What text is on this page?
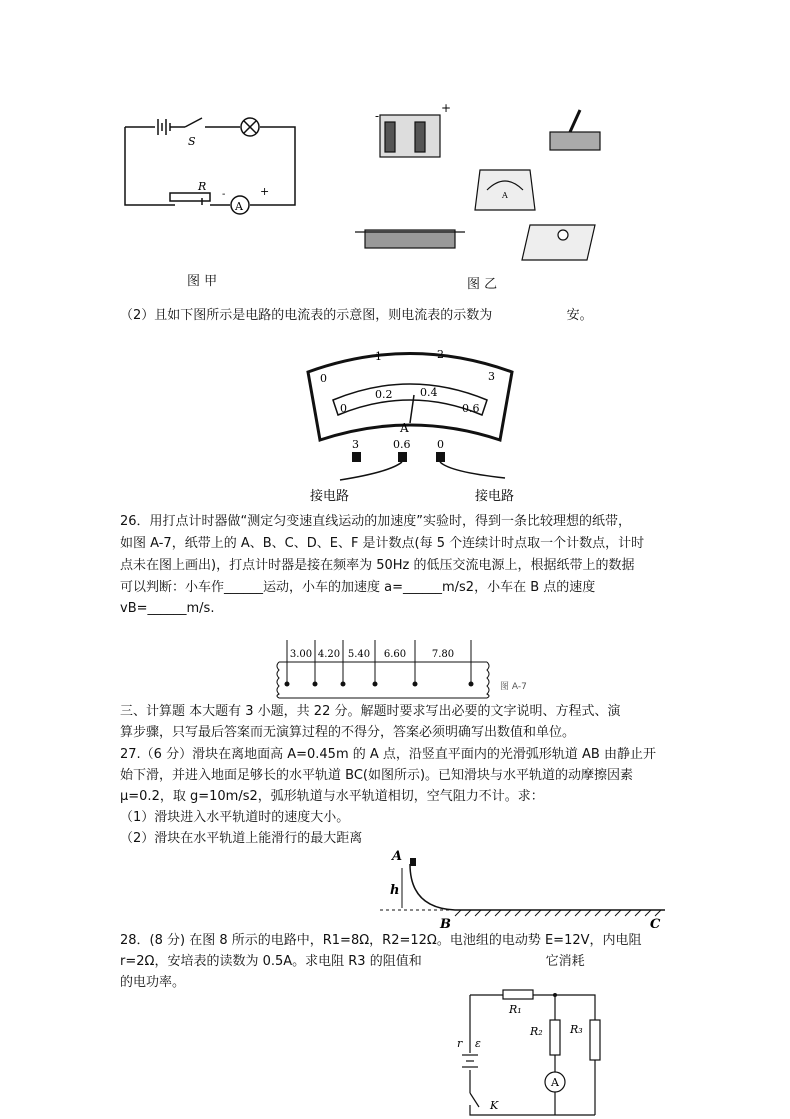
S
R
A
-	+
图 甲
-
+
A
图 乙
（2）且如下图所示是电路的电流表的示意图，则电流表的示数为                  安。
0
1	2
3
0
0.2	0.4
0.6
A
3	0.6 0
接电路	接电路
26．用打点计时器做“测定匀变速直线运动的加速度”实验时，得到一条比较理想的纸带，
如图 A-7，纸带上的 A、B、C、D、E、F 是计数点(每 5 个连续计时点取一个计数点，计时
点未在图上画出)，打点计时器是接在频率为 50Hz 的低压交流电源上，根据纸带上的数据
可以判断：小车作______运动，小车的加速度 a=______m/s2，小车在 B 点的速度
vB=______m/s.
3.00 4.20 5.40 6.60	7.80
图 A-7
三、计算题 本大题有 3 小题，共 22 分。解题时要求写出必要的文字说明、方程式、演
算步骤，只写最后答案而无演算过程的不得分，答案必须明确写出数值和单位。
27.（6 分）滑块在离地面高 A=0.45m 的 A 点，沿竖直平面内的光滑弧形轨道 AB 由静止开
始下滑，并进入地面足够长的水平轨道 BC(如图所示)。已知滑块与水平轨道的动摩擦因素
μ=0.2，取 g=10m/s2，弧形轨道与水平轨道相切，空气阻力不计。求：
（1）滑块进入水平轨道时的速度大小。
（2）滑块在水平轨道上能滑行的最大距离
A
h
B	C
28．(8 分) 在图 8 所示的电路中，R1=8Ω，R2=12Ω。电池组的电动势 E=12V，内电阻
r=2Ω，安培表的读数为 0.5A。求电阻 R3 的阻值和                              它消耗
的电功率。
R₁
R₂ R₃
r ε
A
K
